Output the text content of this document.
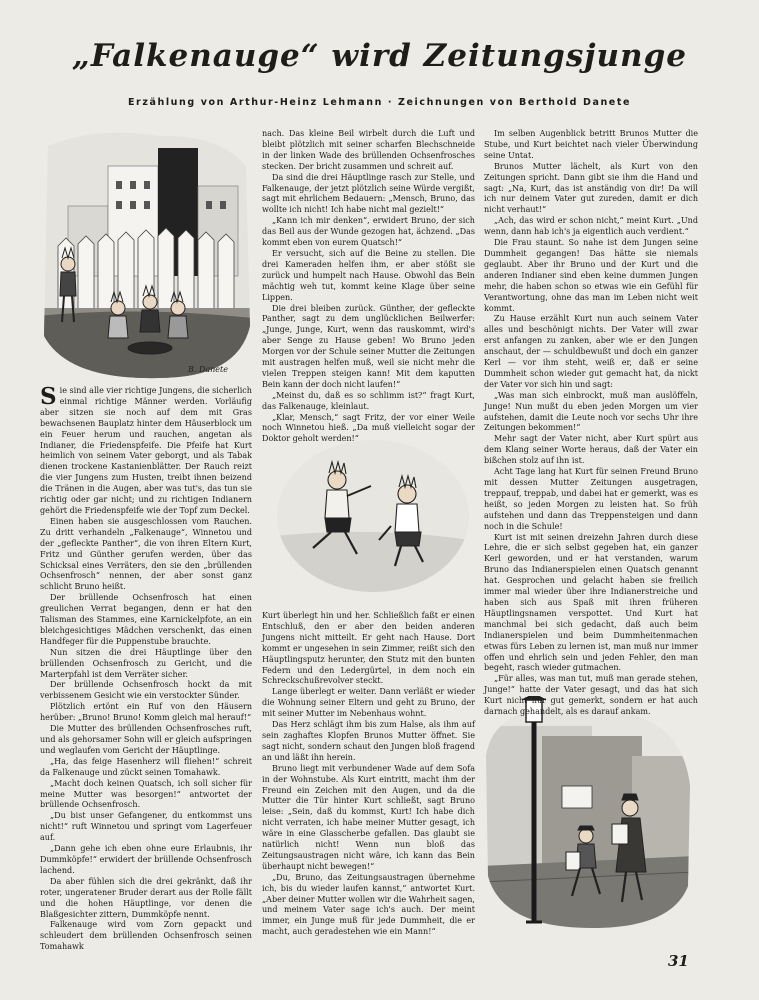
„Falkenauge“ wird Zeitungsjunge
Erzählung von Arthur-Heinz Lehmann · Zeichnungen von Berthold Danete
B. Danete

Sie sind alle vier richtige Jungens, die sicherlich einmal richtige Männer werden. Vorläufig aber sitzen sie noch auf dem mit Gras bewachsenen Bauplatz hinter dem Häuserblock um ein Feuer herum und rauchen, angetan als Indianer, die Friedenspfeife. Die Pfeife hat Kurt heimlich von seinem Vater geborgt, und als Tabak dienen trockene Kastanienblätter. Der Rauch reizt die vier Jungens zum Husten, treibt ihnen beizend die Tränen in die Augen, aber was tut's, das tun sie richtig oder gar nicht; und zu richtigen Indianern gehört die Friedenspfeife wie der Topf zum Deckel.

Einen haben sie ausgeschlossen vom Rauchen. Zu dritt verhandeln „Falkenauge“, Winnetou und der „gefleckte Panther“, die von ihren Eltern Kurt, Fritz und Günther gerufen werden, über das Schicksal eines Verräters, den sie den „brüllenden Ochsenfrosch“ nennen, der aber sonst ganz schlicht Bruno heißt.

Der brüllende Ochsenfrosch hat einen greulichen Verrat begangen, denn er hat den Talisman des Stammes, eine Karnickelpfote, an ein bleichgesichtiges Mädchen verschenkt, das einen Handfeger für die Puppenstube brauchte.

Nun sitzen die drei Häuptlinge über den brüllenden Ochsenfrosch zu Gericht, und die Marterpfahl ist dem Verräter sicher.

Der brüllende Ochsenfrosch hockt da mit verbissenem Gesicht wie ein verstockter Sünder.

Plötzlich ertönt ein Ruf von den Häusern herüber: „Bruno! Bruno! Komm gleich mal herauf!“

Die Mutter des brüllenden Ochsenfrosches ruft, und als gehorsamer Sohn will er gleich aufspringen und weglaufen vom Gericht der Häuptlinge.

„Ha, das feige Hasenherz will fliehen!“ schreit da Falkenauge und zückt seinen Tomahawk.

„Macht doch keinen Quatsch, ich soll sicher für meine Mutter was besorgen!“ antwortet der brüllende Ochsenfrosch.

„Du bist unser Gefangener, du entkommst uns nicht!“ ruft Winnetou und springt vom Lagerfeuer auf.

„Dann gehe ich eben ohne eure Erlaubnis, ihr Dummköpfe!“ erwidert der brüllende Ochsenfrosch lachend.

Da aber fühlen sich die drei gekränkt, daß ihr roter, ungeratener Bruder derart aus der Rolle fällt und die hohen Häuptlinge, vor denen die Blaßgesichter zittern, Dummköpfe nennt.

Falkenauge wird vom Zorn gepackt und schleudert dem brüllenden Ochsenfrosch seinen Tomahawk

nach. Das kleine Beil wirbelt durch die Luft und bleibt plötzlich mit seiner scharfen Blechschneide in der linken Wade des brüllenden Ochsenfrosches stecken. Der bricht zusammen und schreit auf.

Da sind die drei Häuptlinge rasch zur Stelle, und Falkenauge, der jetzt plötzlich seine Würde vergißt, sagt mit ehrlichem Bedauern: „Mensch, Bruno, das wollte ich nicht! Ich habe nicht mal gezielt!“

„Kann ich mir denken“, erwidert Bruno, der sich das Beil aus der Wunde gezogen hat, ächzend. „Das kommt eben von eurem Quatsch!“

Er versucht, sich auf die Beine zu stellen. Die drei Kameraden helfen ihm, er aber stößt sie zurück und humpelt nach Hause. Obwohl das Bein mächtig weh tut, kommt keine Klage über seine Lippen.

Die drei bleiben zurück. Günther, der gefleckte Panther, sagt zu dem unglücklichen Beilwerfer: „Junge, Junge, Kurt, wenn das rauskommt, wird's aber Senge zu Hause geben! Wo Bruno jeden Morgen vor der Schule seiner Mutter die Zeitungen mit austragen helfen muß, weil sie nicht mehr die vielen Treppen steigen kann! Mit dem kaputten Bein kann der doch nicht laufen!“

„Meinst du, daß es so schlimm ist?“ fragt Kurt, das Falkenauge, kleinlaut.

„Klar, Mensch,“ sagt Fritz, der vor einer Weile noch Winnetou hieß. „Da muß vielleicht sogar der Doktor geholt werden!“

Kurt überlegt hin und her. Schließlich faßt er einen Entschluß, den er aber den beiden anderen Jungens nicht mitteilt. Er geht nach Hause. Dort kommt er ungesehen in sein Zimmer, reißt sich den Häuptlingsputz herunter, den Stutz mit den bunten Federn und den Ledergürtel, in dem noch ein Schreckschußrevolver steckt.

Lange überlegt er weiter. Dann verläßt er wieder die Wohnung seiner Eltern und geht zu Bruno, der mit seiner Mutter im Nebenhaus wohnt.

Das Herz schlägt ihm bis zum Halse, als ihm auf sein zaghaftes Klopfen Brunos Mutter öffnet. Sie sagt nicht, sondern schaut den Jungen bloß fragend an und läßt ihn herein.

Bruno liegt mit verbundener Wade auf dem Sofa in der Wohnstube. Als Kurt eintritt, macht ihm der Freund ein Zeichen mit den Augen, und da die Mutter die Tür hinter Kurt schließt, sagt Bruno leise: „Sein, daß du kommst, Kurt! Ich habe dich nicht verraten, ich habe meiner Mutter gesagt, ich wäre in eine Glasscherbe gefallen. Das glaubt sie natürlich nicht! Wenn nun bloß das Zeitungsaustragen nicht wäre, ich kann das Bein überhaupt nicht bewegen!“

„Du, Bruno, das Zeitungsaustragen übernehme ich, bis du wieder laufen kannst,“ antwortet Kurt. „Aber deiner Mutter wollen wir die Wahrheit sagen, und meinem Vater sage ich's auch. Der meint immer, ein Junge muß für jede Dummheit, die er macht, auch geradestehen wie ein Mann!“

Im selben Augenblick betritt Brunos Mutter die Stube, und Kurt beichtet nach vieler Überwindung seine Untat.

Brunos Mutter lächelt, als Kurt von den Zeitungen spricht. Dann gibt sie ihm die Hand und sagt: „Na, Kurt, das ist anständig von dir! Da will ich nur deinem Vater gut zureden, damit er dich nicht verhaut!“

„Ach, das wird er schon nicht,“ meint Kurt. „Und wenn, dann hab ich's ja eigentlich auch verdient.“

Die Frau staunt. So nahe ist dem Jungen seine Dummheit gegangen! Das hätte sie niemals geglaubt. Aber ihr Bruno und der Kurt und die anderen Indianer sind eben keine dummen Jungen mehr, die haben schon so etwas wie ein Gefühl für Verantwortung, ohne das man im Leben nicht weit kommt.

Zu Hause erzählt Kurt nun auch seinem Vater alles und beschönigt nichts. Der Vater will zwar erst anfangen zu zanken, aber wie er den Jungen anschaut, der — schuldbewußt und doch ein ganzer Kerl — vor ihm steht, weiß er, daß er seine Dummheit schon wieder gut gemacht hat, da nickt der Vater vor sich hin und sagt:

„Was man sich einbrockt, muß man auslöffeln, Junge! Nun mußt du eben jeden Morgen um vier aufstehen, damit die Leute noch vor sechs Uhr ihre Zeitungen bekommen!“

Mehr sagt der Vater nicht, aber Kurt spürt aus dem Klang seiner Worte heraus, daß der Vater ein bißchen stolz auf ihn ist.

Acht Tage lang hat Kurt für seinen Freund Bruno mit dessen Mutter Zeitungen ausgetragen, treppauf, treppab, und dabei hat er gemerkt, was es heißt, so jeden Morgen zu leisten hat. So früh aufstehen und dann das Treppensteigen und dann noch in die Schule!

Kurt ist mit seinen dreizehn Jahren durch diese Lehre, die er sich selbst gegeben hat, ein ganzer Kerl geworden, und er hat verstanden, warum Bruno das Indianerspielen einen Quatsch genannt hat. Gesprochen und gelacht haben sie freilich immer mal wieder über ihre Indianerstreiche und haben sich aus Spaß mit ihren früheren Häuptlingsnamen verspottet. Und Kurt hat manchmal bei sich gedacht, daß auch beim Indianerspielen und beim Dummheitenmachen etwas fürs Leben zu lernen ist, man muß nur immer offen und ehrlich sein und jeden Fehler, den man begeht, rasch wieder gutmachen.

„Für alles, was man tut, muß man gerade stehen, Junge!“ hatte der Vater gesagt, und das hat sich Kurt nicht nur gut gemerkt, sondern er hat auch darnach gehandelt, als es darauf ankam.

31
